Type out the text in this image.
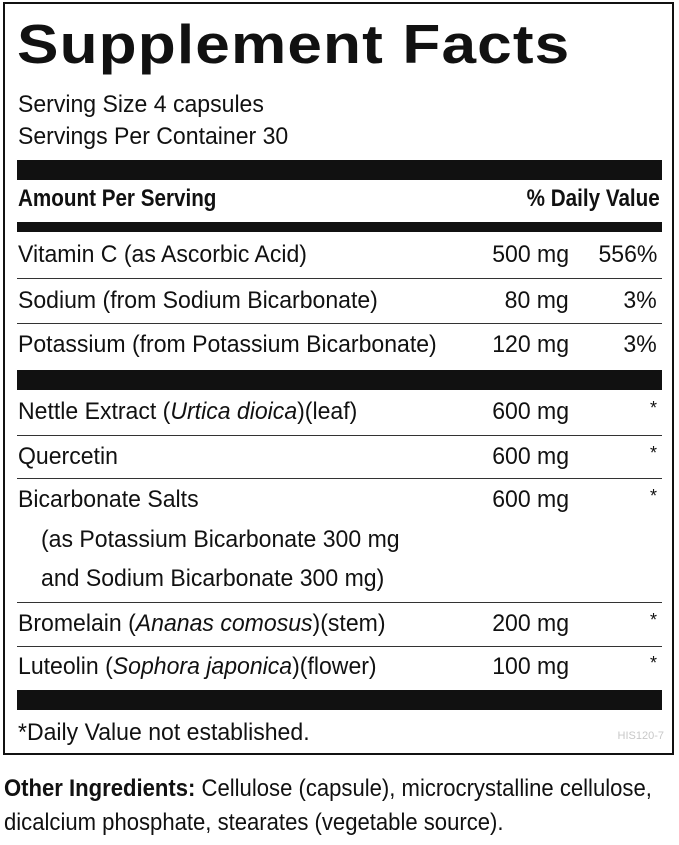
Supplement Facts
Serving Size 4 capsules
Servings Per Container 30
Amount Per Serving	% Daily Value
Vitamin C (as Ascorbic Acid)	500 mg 556%
Sodium (from Sodium Bicarbonate)	80 mg 3%
Potassium (from Potassium Bicarbonate) 120 mg 3%
Nettle Extract (Urtica dioica)(leaf)	600 mg	*
Quercetin	600 mg	*
Bicarbonate Salts	600 mg	*
(as Potassium Bicarbonate 300 mg
and Sodium Bicarbonate 300 mg)
Bromelain (Ananas comosus)(stem)	200 mg	*
Luteolin (Sophora japonica)(flower)	100 mg	*
*Daily Value not established.	HIS120-7
Other Ingredients: Cellulose (capsule), microcrystalline cellulose, dicalcium phosphate, stearates (vegetable source).
